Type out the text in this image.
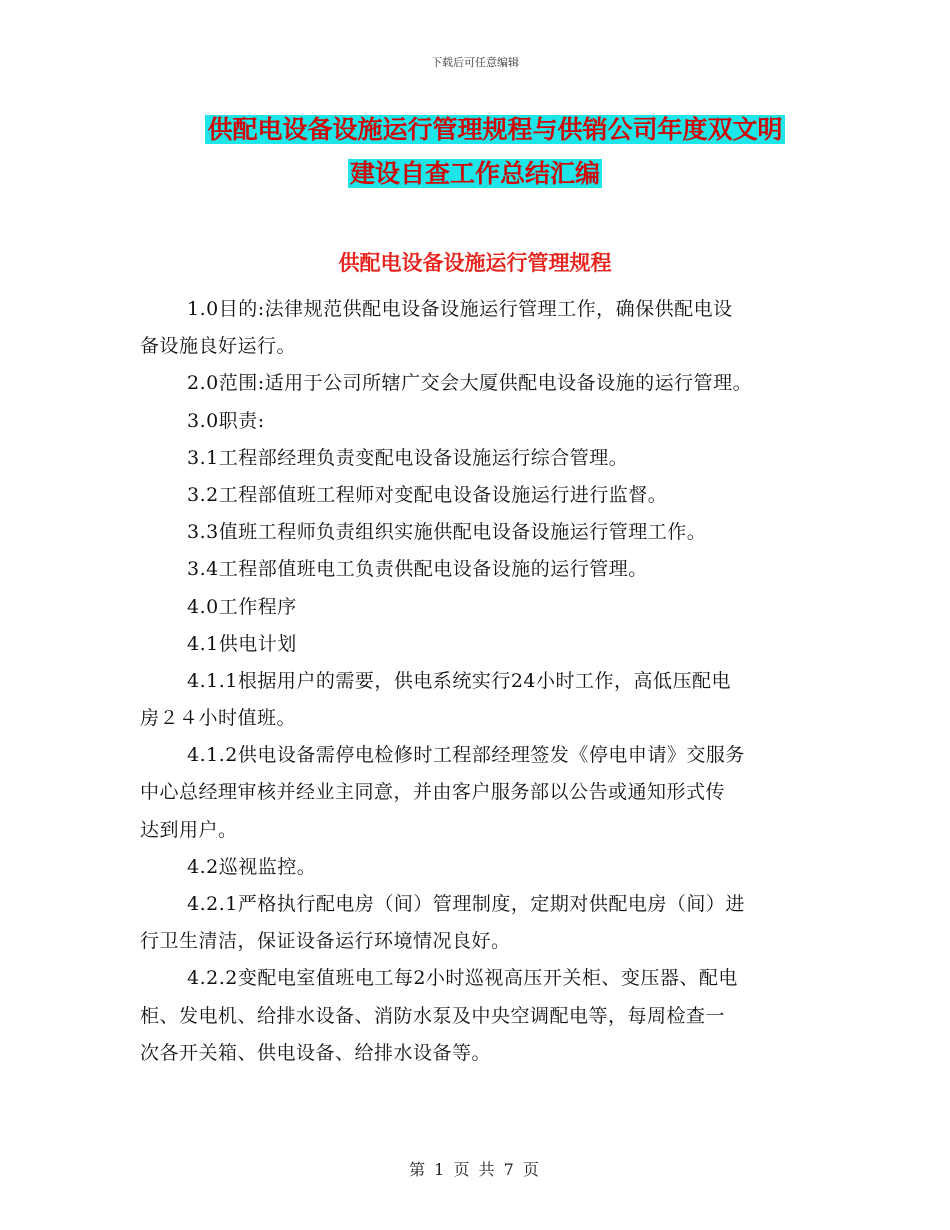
下载后可任意编辑
供配电设备设施运行管理规程与供销公司年度双文明
建设自查工作总结汇编
供配电设备设施运行管理规程
1.0目的:法律规范供配电设备设施运行管理工作，确保供配电设
备设施良好运行。
2.0范围:适用于公司所辖广交会大厦供配电设备设施的运行管理。
3.0职责:
3.1工程部经理负责变配电设备设施运行综合管理。
3.2工程部值班工程师对变配电设备设施运行进行监督。
3.3值班工程师负责组织实施供配电设备设施运行管理工作。
3.4工程部值班电工负责供配电设备设施的运行管理。
4.0工作程序
4.1供电计划
4.1.1根据用户的需要，供电系统实行24小时工作，高低压配电
房２４小时值班。
4.1.2供电设备需停电检修时工程部经理签发《停电申请》交服务
中心总经理审核并经业主同意，并由客户服务部以公告或通知形式传
达到用户。
4.2巡视监控。
4.2.1严格执行配电房（间）管理制度，定期对供配电房（间）进
行卫生清洁，保证设备运行环境情况良好。
4.2.2变配电室值班电工每2小时巡视高压开关柜、变压器、配电
柜、发电机、给排水设备、消防水泵及中央空调配电等，每周检查一
次各开关箱、供电设备、给排水设备等。
第 1 页 共 7 页
